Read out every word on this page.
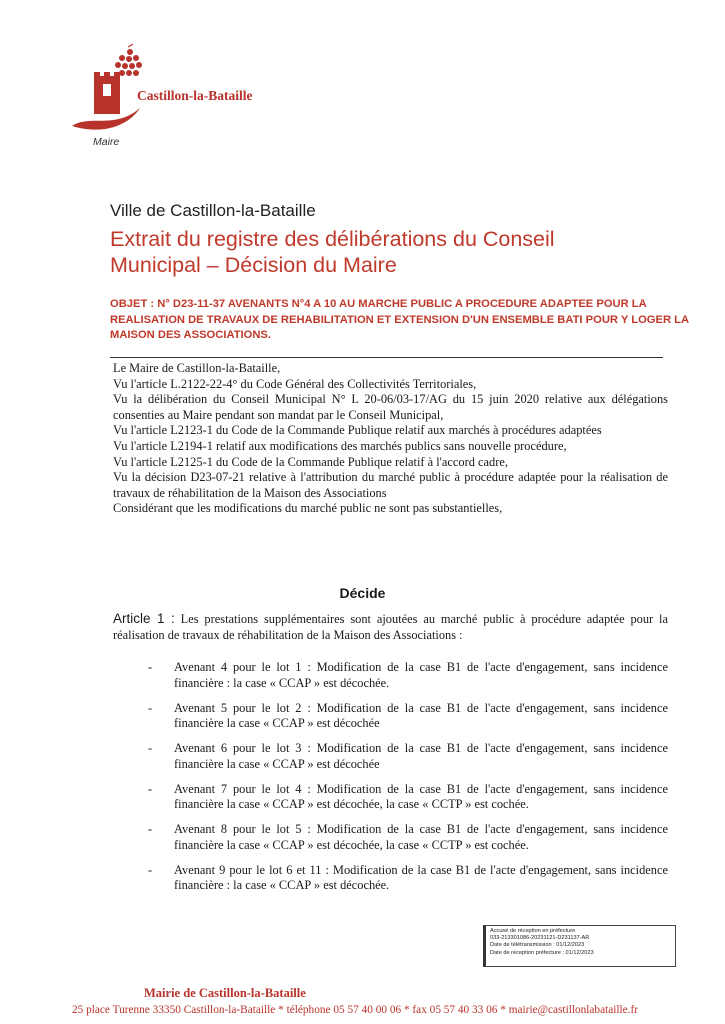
Castillon-la-Bataille
Maire
Ville de Castillon-la-Bataille
Extrait du registre des délibérations du Conseil
Municipal – Décision du Maire
OBJET : N° D23-11-37 AVENANTS N°4 A 10 AU MARCHE PUBLIC A PROCEDURE ADAPTEE POUR LA REALISATION DE TRAVAUX DE REHABILITATION ET EXTENSION D'UN ENSEMBLE BATI POUR Y LOGER LA MAISON DES ASSOCIATIONS.

Le Maire de Castillon-la-Bataille,

Vu l'article L.2122-22-4° du Code Général des Collectivités Territoriales,

Vu la délibération du Conseil Municipal N° L 20-06/03-17/AG du 15 juin 2020 relative aux délégations consenties au Maire pendant son mandat par le Conseil Municipal,

Vu l'article L2123-1 du Code de la Commande Publique relatif aux marchés à procédures adaptées

Vu l'article L2194-1 relatif aux modifications des marchés publics sans nouvelle procédure,

Vu l'article L2125-1 du Code de la Commande Publique relatif à l'accord cadre,

Vu la décision D23-07-21 relative à l'attribution du marché public à procédure adaptée pour la réalisation de travaux de réhabilitation de la Maison des Associations

Considérant que les modifications du marché public ne sont pas substantielles,

Décide
Article 1 : Les prestations supplémentaires sont ajoutées au marché public à procédure adaptée pour la réalisation de travaux de réhabilitation de la Maison des Associations :
- Avenant 4 pour le lot 1 : Modification de la case B1 de l'acte d'engagement, sans incidence financière : la case « CCAP » est décochée.
- Avenant 5 pour le lot 2 : Modification de la case B1 de l'acte d'engagement, sans incidence financière la case « CCAP » est décochée
- Avenant 6 pour le lot 3 : Modification de la case B1 de l'acte d'engagement, sans incidence financière la case « CCAP » est décochée
- Avenant 7 pour le lot 4 : Modification de la case B1 de l'acte d'engagement, sans incidence financière la case « CCAP » est décochée, la case « CCTP » est cochée.
- Avenant 8 pour le lot 5 : Modification de la case B1 de l'acte d'engagement, sans incidence financière la case « CCAP » est décochée, la case « CCTP » est cochée.
- Avenant 9 pour le lot 6 et 11 : Modification de la case B1 de l'acte d'engagement, sans incidence financière : la case « CCAP » est décochée.
Accusé de réception en préfecture
033-213301086-20231121-D231137-AR
Date de télétransmission : 01/12/2023
Date de réception préfecture : 01/12/2023
Mairie de Castillon-la-Bataille
25 place Turenne 33350 Castillon-la-Bataille * téléphone 05 57 40 00 06 * fax 05 57 40 33 06 * mairie@castillonlabataille.fr
